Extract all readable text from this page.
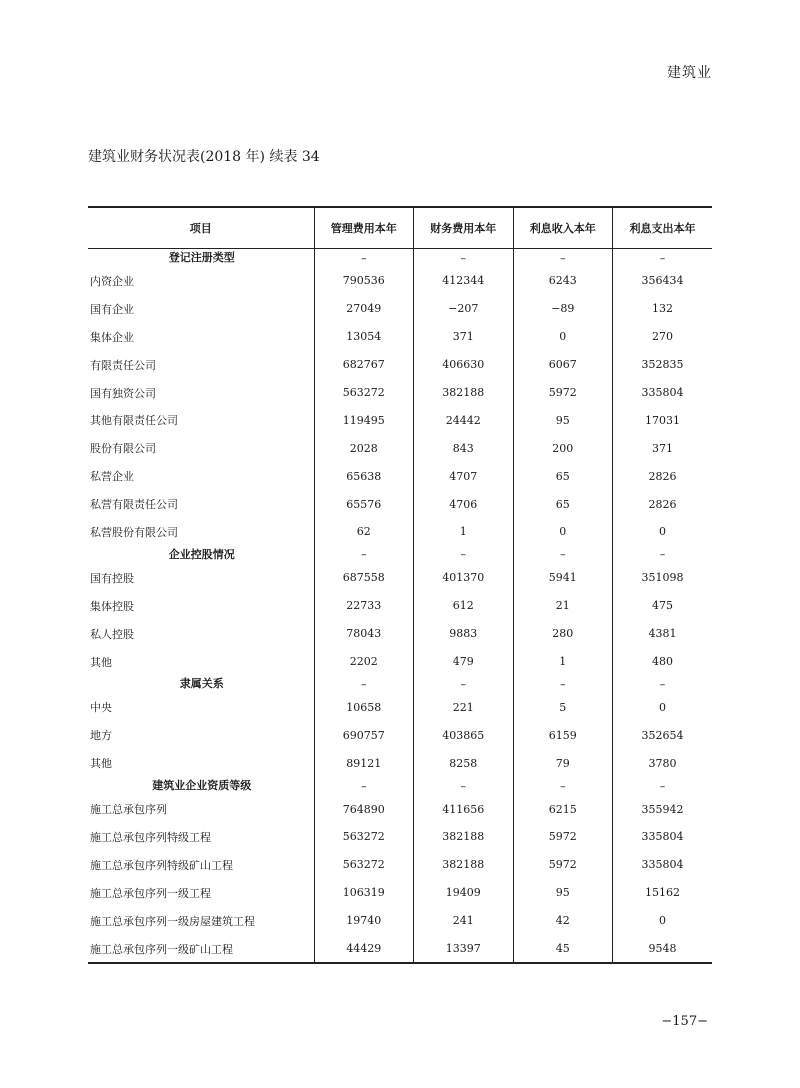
建筑业
建筑业财务状况表(2018 年) 续表 34
项目	管理费用本年	财务费用本年	利息收入本年	利息支出本年
登记注册类型	–	–	–	–
内资企业	790536	412344	6243	356434
国有企业	27049	−207	−89	132
集体企业	13054	371	0	270
有限责任公司	682767	406630	6067	352835
国有独资公司	563272	382188	5972	335804
其他有限责任公司	119495	24442	95	17031
股份有限公司	2028	843	200	371
私营企业	65638	4707	65	2826
私营有限责任公司	65576	4706	65	2826
私营股份有限公司	62	1	0	0
企业控股情况	–	–	–	–
国有控股	687558	401370	5941	351098
集体控股	22733	612	21	475
私人控股	78043	9883	280	4381
其他	2202	479	1	480
隶属关系	–	–	–	–
中央	10658	221	5	0
地方	690757	403865	6159	352654
其他	89121	8258	79	3780
建筑业企业资质等级	–	–	–	–
施工总承包序列	764890	411656	6215	355942
施工总承包序列特级工程	563272	382188	5972	335804
施工总承包序列特级矿山工程	563272	382188	5972	335804
施工总承包序列一级工程	106319	19409	95	15162
施工总承包序列一级房屋建筑工程	19740	241	42	0
施工总承包序列一级矿山工程	44429	13397	45	9548
−157−
